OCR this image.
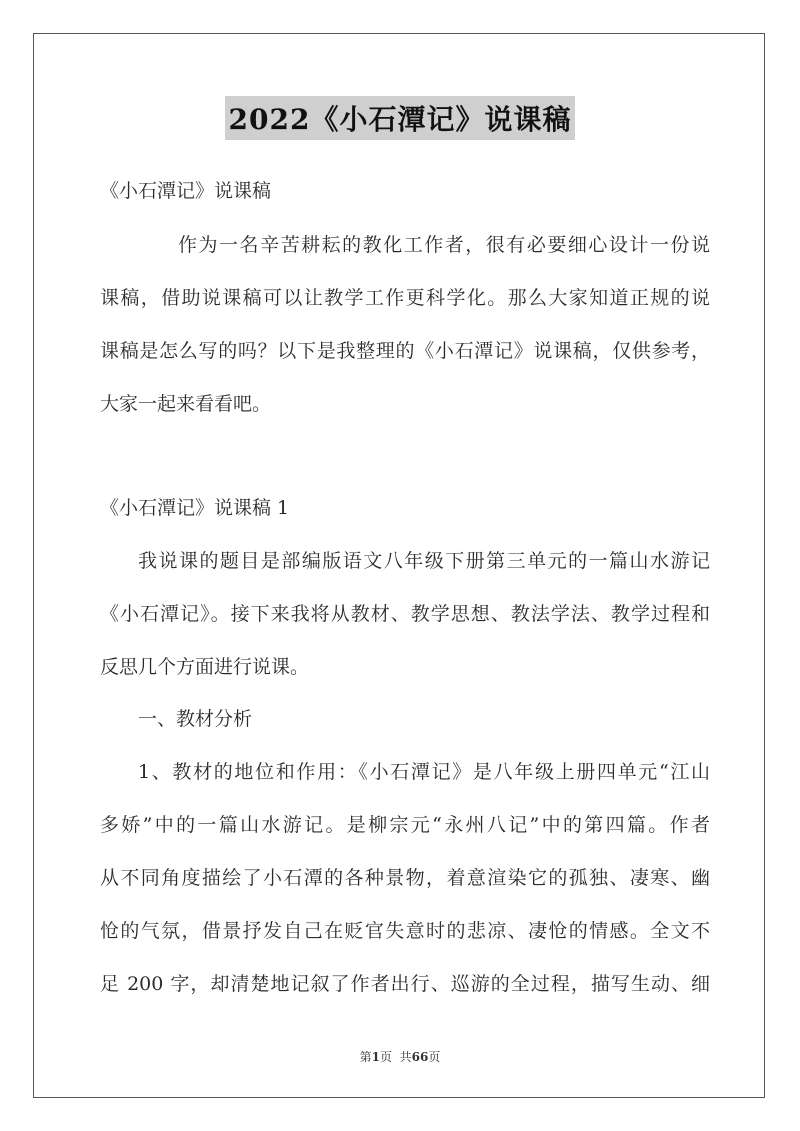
2022《小石潭记》说课稿
《小石潭记》说课稿
作为一名辛苦耕耘的教化工作者，很有必要细心设计一份说
课稿，借助说课稿可以让教学工作更科学化。那么大家知道正规的说
课稿是怎么写的吗？以下是我整理的《小石潭记》说课稿，仅供参考，
大家一起来看看吧。
《小石潭记》说课稿 1
我说课的题目是部编版语文八年级下册第三单元的一篇山水游记
《小石潭记》。接下来我将从教材、教学思想、教法学法、教学过程和
反思几个方面进行说课。
一、教材分析
1、教材的地位和作用：《小石潭记》是八年级上册四单元“江山
多娇”中的一篇山水游记。是柳宗元“永州八记”中的第四篇。作者
从不同角度描绘了小石潭的各种景物，着意渲染它的孤独、凄寒、幽
怆的气氛，借景抒发自己在贬官失意时的悲凉、凄怆的情感。全文不
足 200 字，却清楚地记叙了作者出行、巡游的全过程，描写生动、细
第1页  共66页
